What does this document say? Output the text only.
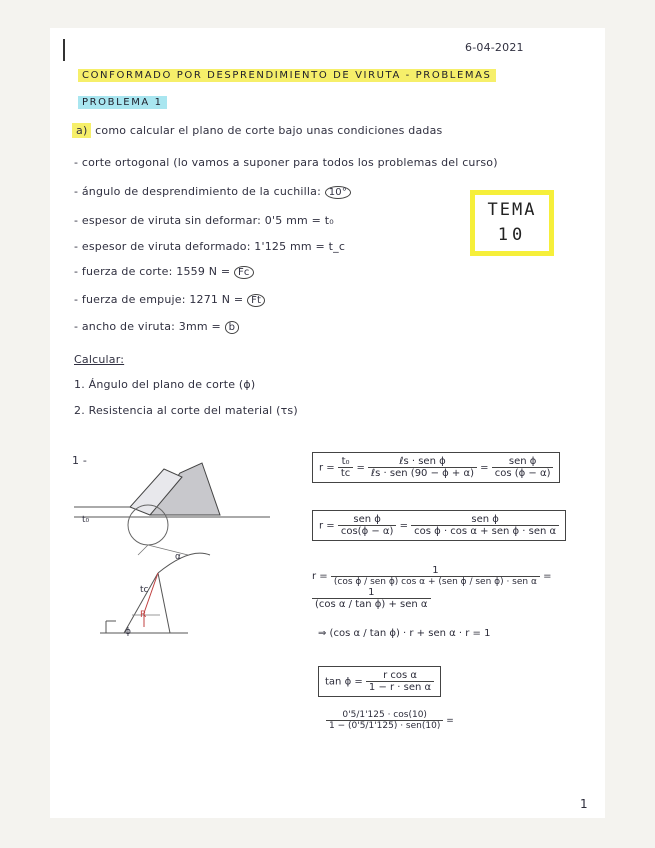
6-04-2021
CONFORMADO POR DESPRENDIMIENTO DE VIRUTA - PROBLEMAS
PROBLEMA 1
a) como calcular el plano de corte bajo unas condiciones dadas
- corte ortogonal (lo vamos a suponer para todos los problemas del curso)
- ángulo de desprendimiento de la cuchilla: 10°
- espesor de viruta sin deformar: 0'5 mm = t₀
- espesor de viruta deformado: 1'125 mm = t_c
- fuerza de corte: 1559 N = Fc
- fuerza de empuje: 1271 N = Ft
- ancho de viruta: 3mm = b
TEMA
10
Calcular:
1. Ángulo del plano de corte (ϕ)
2. Resistencia al corte del material (τs)
1 -
t₀
tc
ϕ
α
R
$r = \frac{\text{t₀}}{tc} = \frac{\text{ℓs · sen ϕ}}{\text{ℓs · sen (90 − ϕ + α)}} = \frac{\text{sen ϕ}}{\cos (\phi - \alpha)}$
$r = \frac{\text{sen ϕ}}{\cos(\phi - \alpha)} = \frac{\text{sen ϕ}}{\text{cos ϕ · cos α + sen ϕ · sen α}}$
$r = \frac{1}{\text{(cos ϕ / sen ϕ) cos α + (sen ϕ / sen ϕ) · sen α}}$ =
$\frac{1}{\text{(cos α / tan ϕ) + sen α}}$
⇒ (cos α / tan ϕ) · r + sen α · r = 1
$\tan \phi = \frac{\text{r cos α}}{\text{1 − r · sen α}}$
$\frac{0'5/1'125 \cdot \cos(10)}{\text{1 − (0'5/1'125) · sen(10)}}$ =
1
